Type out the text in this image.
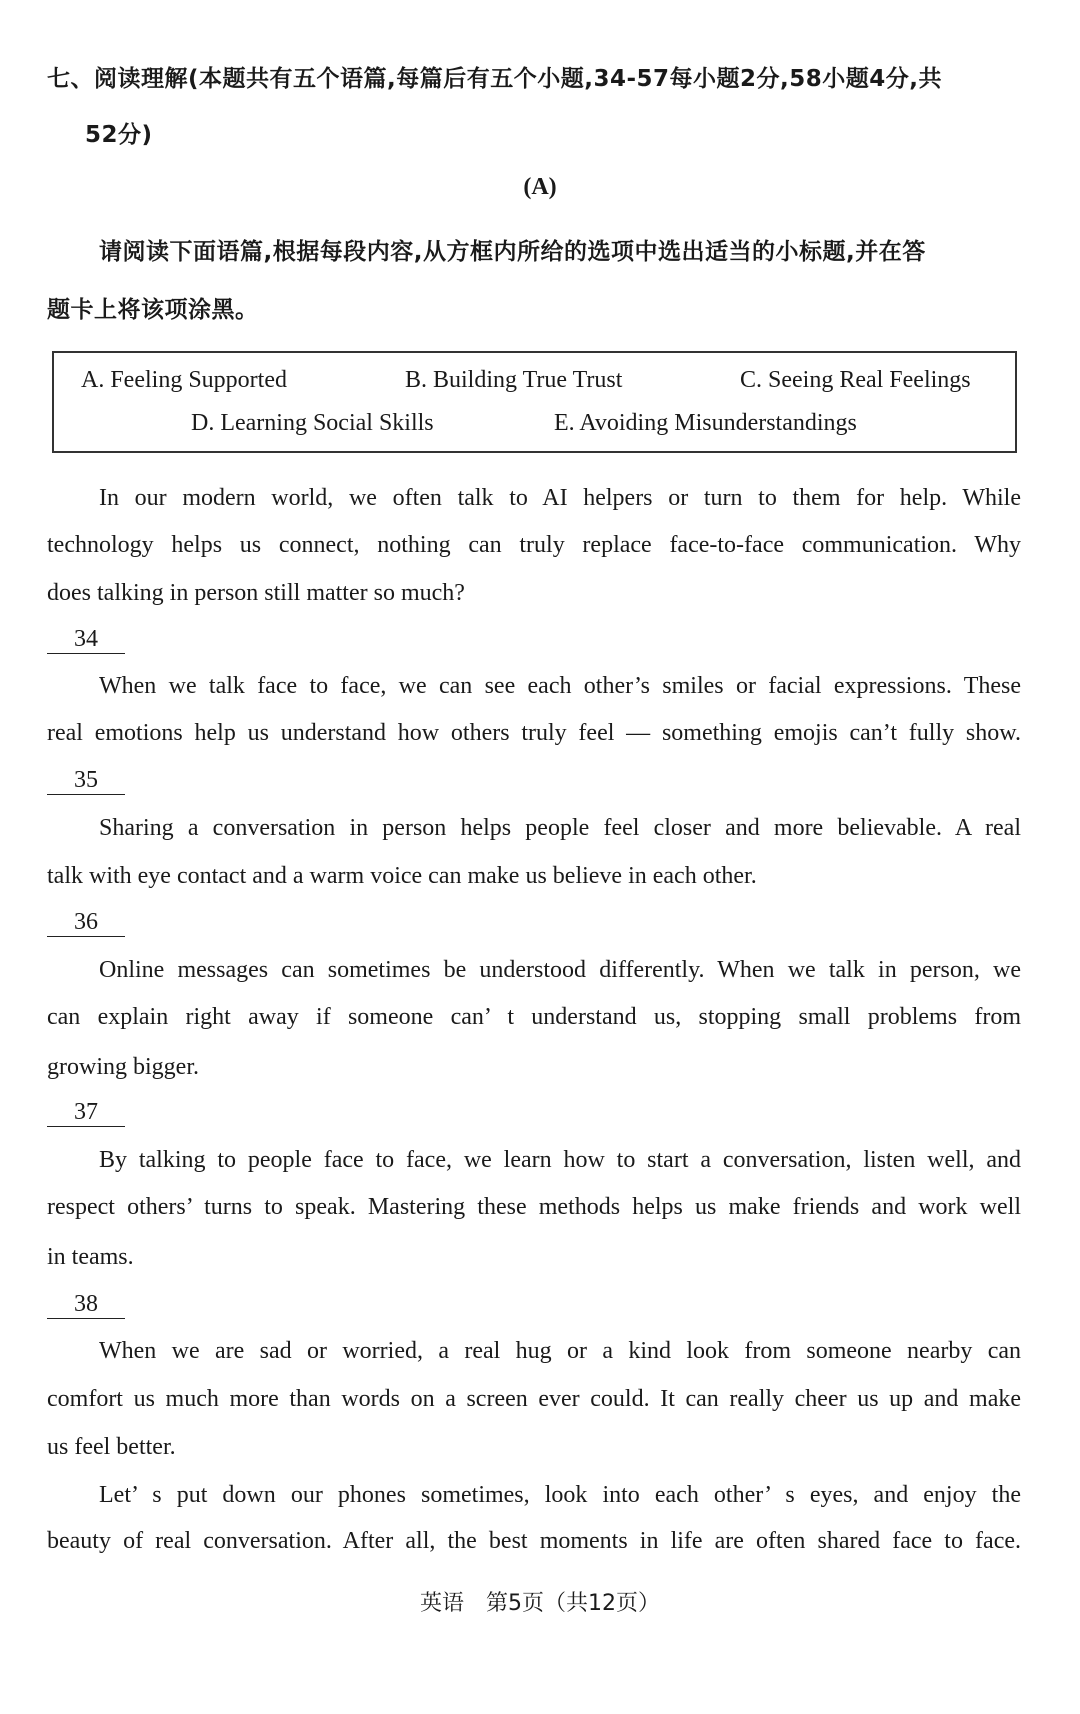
七、阅读理解(本题共有五个语篇,每篇后有五个小题,34-57每小题2分,58小题4分,共
52分)
(A)
请阅读下面语篇,根据每段内容,从方框内所给的选项中选出适当的小标题,并在答
题卡上将该项涂黑。
A. Feeling Supported	B. Building True Trust	C. Seeing Real Feelings
D. Learning Social Skills	E. Avoiding Misunderstandings
In our modern world, we often talk to AI helpers or turn to them for help. While
technology helps us connect, nothing can truly replace face-to-face communication. Why
does talking in person still matter so much?
34
When we talk face to face, we can see each other’s smiles or facial expressions. These
real emotions help us understand how others truly feel — something emojis can’t fully show.
35
Sharing a conversation in person helps people feel closer and more believable. A real
talk with eye contact and a warm voice can make us believe in each other.
36
Online messages can sometimes be understood differently. When we talk in person, we
can explain right away if someone can’ t understand us, stopping small problems from
growing bigger.
37
By talking to people face to face, we learn how to start a conversation, listen well, and
respect others’ turns to speak. Mastering these methods helps us make friends and work well
in teams.
38
When we are sad or worried, a real hug or a kind look from someone nearby can
comfort us much more than words on a screen ever could. It can really cheer us up and make
us feel better.
Let’ s put down our phones sometimes, look into each other’ s eyes, and enjoy the
beauty of real conversation. After all, the best moments in life are often shared face to face.
英语　第5页（共12页）
